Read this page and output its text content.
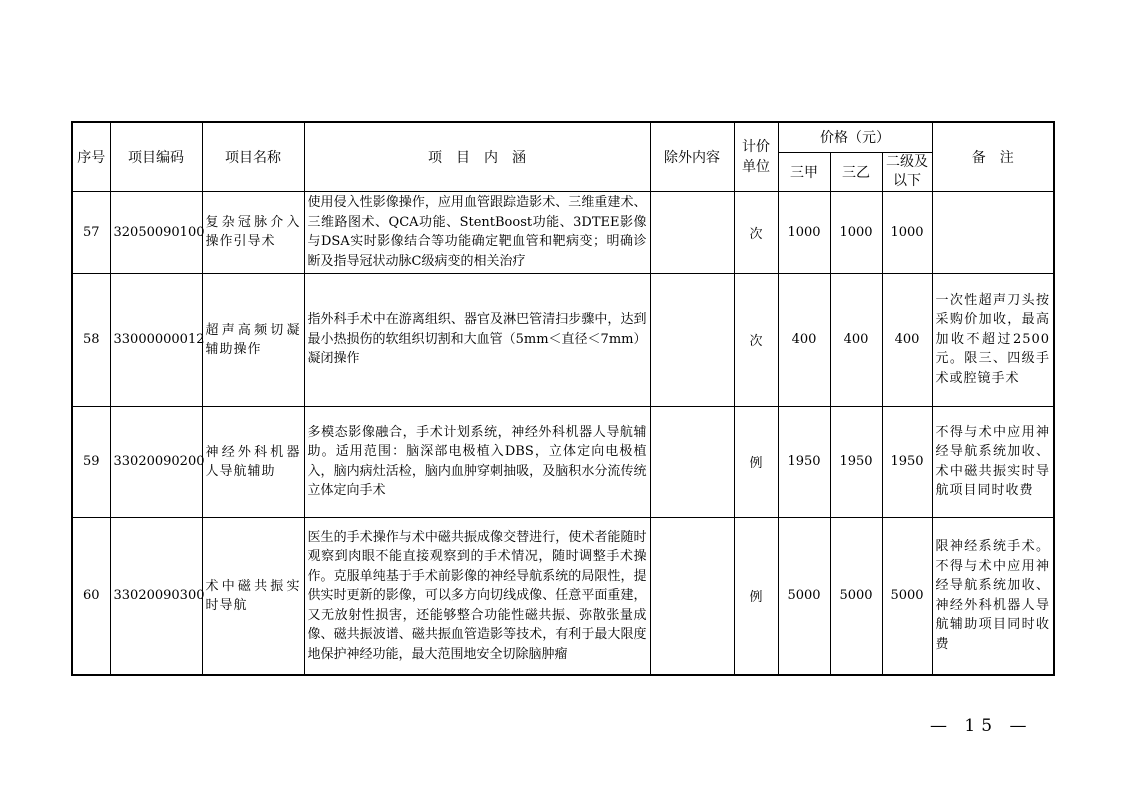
序号	项目编码	项目名称	项　目　内　涵	除外内容	计价单位	价格（元）			备　注
						三甲	三乙	二级及以下	
57	32050090100	复杂冠脉介入操作引导术	使用侵入性影像操作，应用血管跟踪造影术、三维重建术、三维路图术、QCA功能、StentBoost功能、3DTEE影像与DSA实时影像结合等功能确定靶血管和靶病变；明确诊断及指导冠状动脉C级病变的相关治疗		次	1000	1000	1000	
58	33000000012	超声高频切凝辅助操作	指外科手术中在游离组织、器官及淋巴管清扫步骤中，达到最小热损伤的软组织切割和大血管（5mm＜直径＜7mm）凝闭操作		次	400	400	400	一次性超声刀头按采购价加收，最高加收不超过2500元。限三、四级手术或腔镜手术
59	33020090200	神经外科机器人导航辅助	多模态影像融合，手术计划系统，神经外科机器人导航辅助。适用范围：脑深部电极植入DBS，立体定向电极植入，脑内病灶活检，脑内血肿穿刺抽吸，及脑积水分流传统立体定向手术		例	1950	1950	1950	不得与术中应用神经导航系统加收、术中磁共振实时导航项目同时收费
60	33020090300	术中磁共振实时导航	医生的手术操作与术中磁共振成像交替进行，使术者能随时观察到肉眼不能直接观察到的手术情况，随时调整手术操作。克服单纯基于手术前影像的神经导航系统的局限性，提供实时更新的影像，可以多方向切线成像、任意平面重建，又无放射性损害，还能够整合功能性磁共振、弥散张量成像、磁共振波谱、磁共振血管造影等技术，有利于最大限度地保护神经功能，最大范围地安全切除脑肿瘤		例	5000	5000	5000	限神经系统手术。不得与术中应用神经导航系统加收、神经外科机器人导航辅助项目同时收费
— 15 —
